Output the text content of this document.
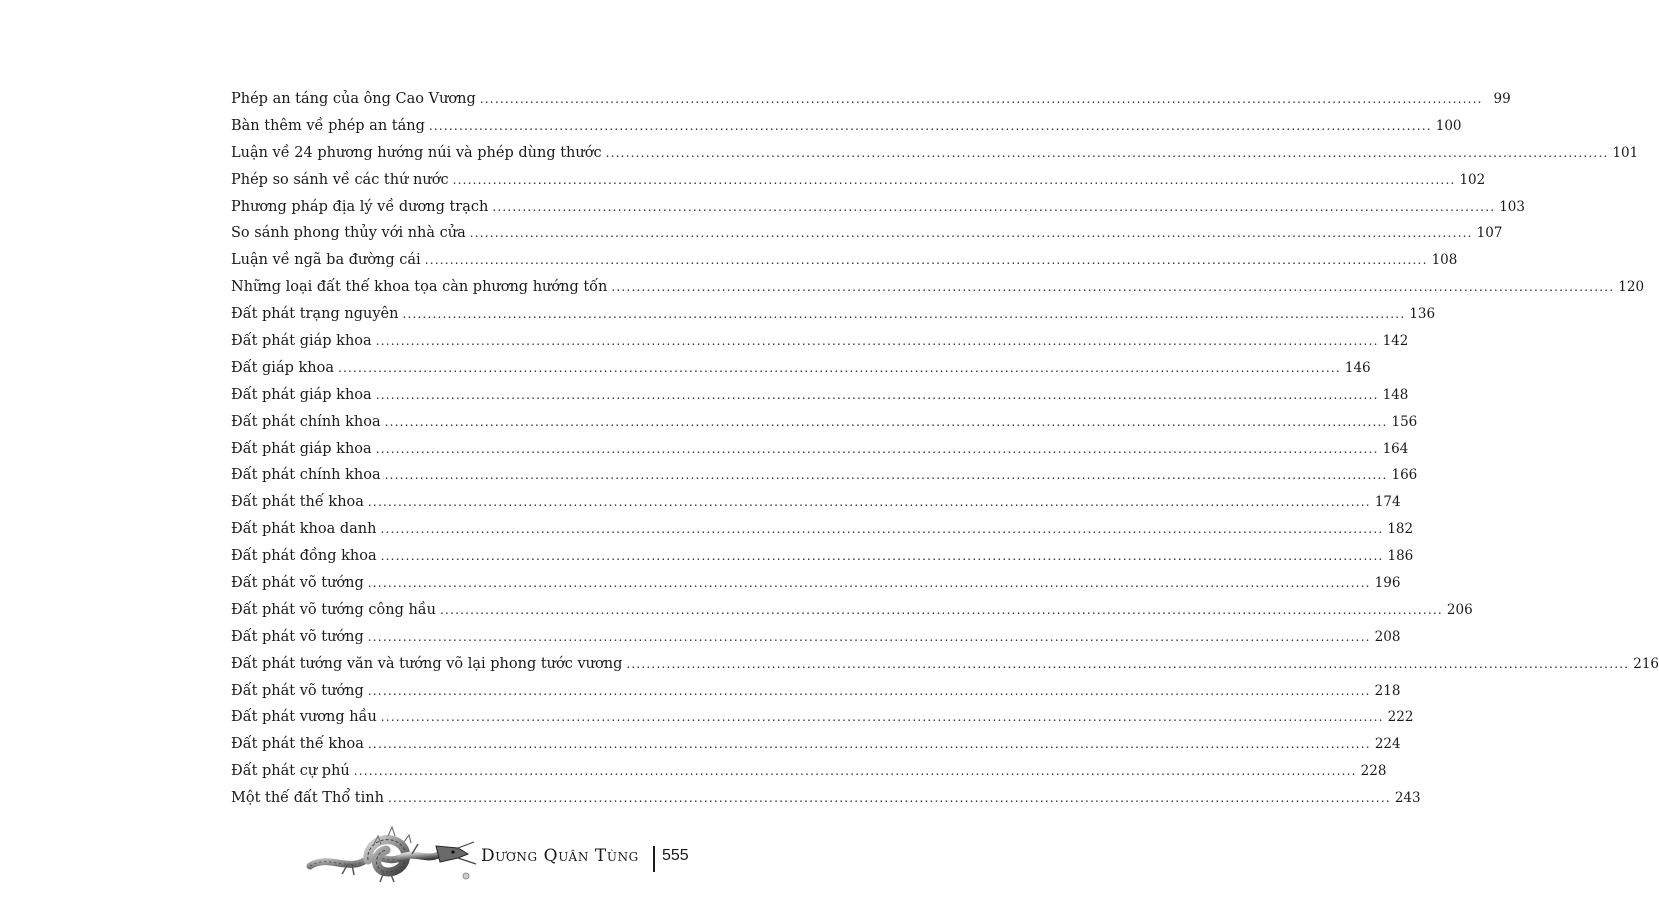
Phép an táng của ông Cao Vương ........................................................................................................................................................................................................ 99
Bàn thêm về phép an táng ........................................................................................................................................................................................................ 100
Luận về 24 phương hướng núi và phép dùng thước ........................................................................................................................................................................................................ 101
Phép so sánh về các thứ nước ........................................................................................................................................................................................................ 102
Phương pháp địa lý về dương trạch ........................................................................................................................................................................................................ 103
So sánh phong thủy với nhà cửa ........................................................................................................................................................................................................ 107
Luận về ngã ba đường cái ........................................................................................................................................................................................................ 108
Những loại đất thế khoa tọa càn phương hướng tốn ........................................................................................................................................................................................................ 120
Đất phát trạng nguyên ........................................................................................................................................................................................................ 136
Đất phát giáp khoa ........................................................................................................................................................................................................ 142
Đất giáp khoa ........................................................................................................................................................................................................ 146
Đất phát giáp khoa ........................................................................................................................................................................................................ 148
Đất phát chính khoa ........................................................................................................................................................................................................ 156
Đất phát giáp khoa ........................................................................................................................................................................................................ 164
Đất phát chính khoa ........................................................................................................................................................................................................ 166
Đất phát thế khoa ........................................................................................................................................................................................................ 174
Đất phát khoa danh ........................................................................................................................................................................................................ 182
Đất phát đồng khoa ........................................................................................................................................................................................................ 186
Đất phát võ tướng ........................................................................................................................................................................................................ 196
Đất phát võ tướng công hầu ........................................................................................................................................................................................................ 206
Đất phát võ tướng ........................................................................................................................................................................................................ 208
Đất phát tướng văn và tướng võ lại phong tước vương ........................................................................................................................................................................................................ 216
Đất phát võ tướng ........................................................................................................................................................................................................ 218
Đất phát vương hầu ........................................................................................................................................................................................................ 222
Đất phát thế khoa ........................................................................................................................................................................................................ 224
Đất phát cự phú ........................................................................................................................................................................................................ 228
Một thế đất Thổ tinh ........................................................................................................................................................................................................ 243
Dương Quân Tùng 555
